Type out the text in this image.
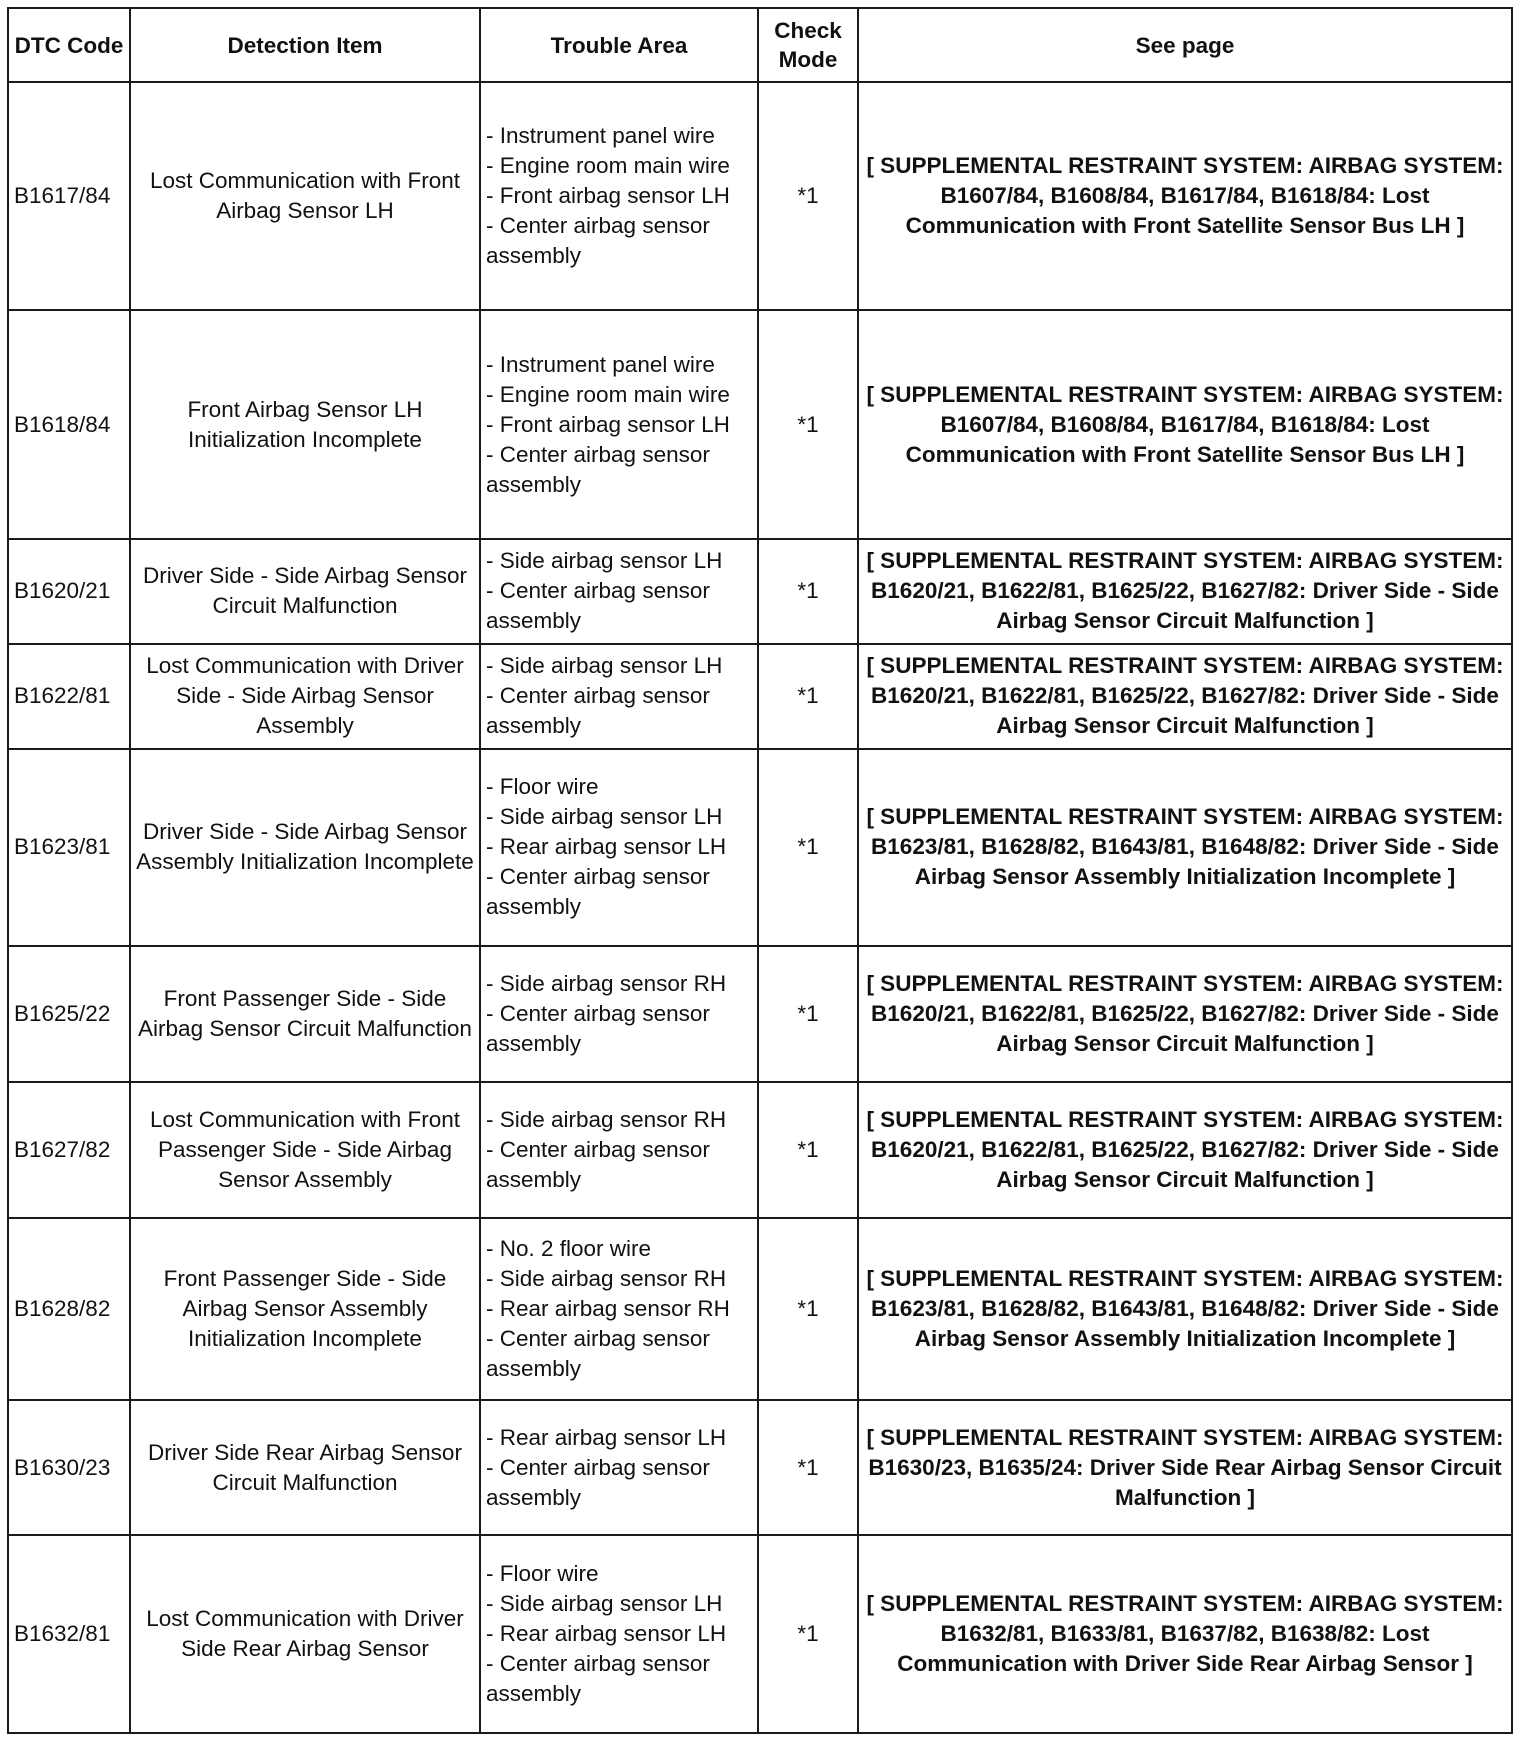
DTC Code	Detection Item	Trouble Area	Check Mode	See page
B1617/84	Lost Communication with Front Airbag Sensor LH	- Instrument panel wire
- Engine room main wire
- Front airbag sensor LH
- Center airbag sensor assembly	*1	[ SUPPLEMENTAL RESTRAINT SYSTEM: AIRBAG SYSTEM: B1607/84, B1608/84, B1617/84, B1618/84: Lost Communication with Front Satellite Sensor Bus LH ]
B1618/84	Front Airbag Sensor LH Initialization Incomplete	- Instrument panel wire
- Engine room main wire
- Front airbag sensor LH
- Center airbag sensor assembly	*1	[ SUPPLEMENTAL RESTRAINT SYSTEM: AIRBAG SYSTEM: B1607/84, B1608/84, B1617/84, B1618/84: Lost Communication with Front Satellite Sensor Bus LH ]
B1620/21	Driver Side - Side Airbag Sensor Circuit Malfunction	- Side airbag sensor LH
- Center airbag sensor assembly	*1	[ SUPPLEMENTAL RESTRAINT SYSTEM: AIRBAG SYSTEM: B1620/21, B1622/81, B1625/22, B1627/82: Driver Side - Side Airbag Sensor Circuit Malfunction ]
B1622/81	Lost Communication with Driver Side - Side Airbag Sensor Assembly	- Side airbag sensor LH
- Center airbag sensor assembly	*1	[ SUPPLEMENTAL RESTRAINT SYSTEM: AIRBAG SYSTEM: B1620/21, B1622/81, B1625/22, B1627/82: Driver Side - Side Airbag Sensor Circuit Malfunction ]
B1623/81	Driver Side - Side Airbag Sensor Assembly Initialization Incomplete	- Floor wire
- Side airbag sensor LH
- Rear airbag sensor LH
- Center airbag sensor assembly	*1	[ SUPPLEMENTAL RESTRAINT SYSTEM: AIRBAG SYSTEM: B1623/81, B1628/82, B1643/81, B1648/82: Driver Side - Side Airbag Sensor Assembly Initialization Incomplete ]
B1625/22	Front Passenger Side - Side Airbag Sensor Circuit Malfunction	- Side airbag sensor RH
- Center airbag sensor assembly	*1	[ SUPPLEMENTAL RESTRAINT SYSTEM: AIRBAG SYSTEM: B1620/21, B1622/81, B1625/22, B1627/82: Driver Side - Side Airbag Sensor Circuit Malfunction ]
B1627/82	Lost Communication with Front Passenger Side - Side Airbag Sensor Assembly	- Side airbag sensor RH
- Center airbag sensor assembly	*1	[ SUPPLEMENTAL RESTRAINT SYSTEM: AIRBAG SYSTEM: B1620/21, B1622/81, B1625/22, B1627/82: Driver Side - Side Airbag Sensor Circuit Malfunction ]
B1628/82	Front Passenger Side - Side Airbag Sensor Assembly Initialization Incomplete	- No. 2 floor wire
- Side airbag sensor RH
- Rear airbag sensor RH
- Center airbag sensor assembly	*1	[ SUPPLEMENTAL RESTRAINT SYSTEM: AIRBAG SYSTEM: B1623/81, B1628/82, B1643/81, B1648/82: Driver Side - Side Airbag Sensor Assembly Initialization Incomplete ]
B1630/23	Driver Side Rear Airbag Sensor Circuit Malfunction	- Rear airbag sensor LH
- Center airbag sensor assembly	*1	[ SUPPLEMENTAL RESTRAINT SYSTEM: AIRBAG SYSTEM: B1630/23, B1635/24: Driver Side Rear Airbag Sensor Circuit Malfunction ]
B1632/81	Lost Communication with Driver Side Rear Airbag Sensor	- Floor wire
- Side airbag sensor LH
- Rear airbag sensor LH
- Center airbag sensor assembly	*1	[ SUPPLEMENTAL RESTRAINT SYSTEM: AIRBAG SYSTEM: B1632/81, B1633/81, B1637/82, B1638/82: Lost Communication with Driver Side Rear Airbag Sensor ]
